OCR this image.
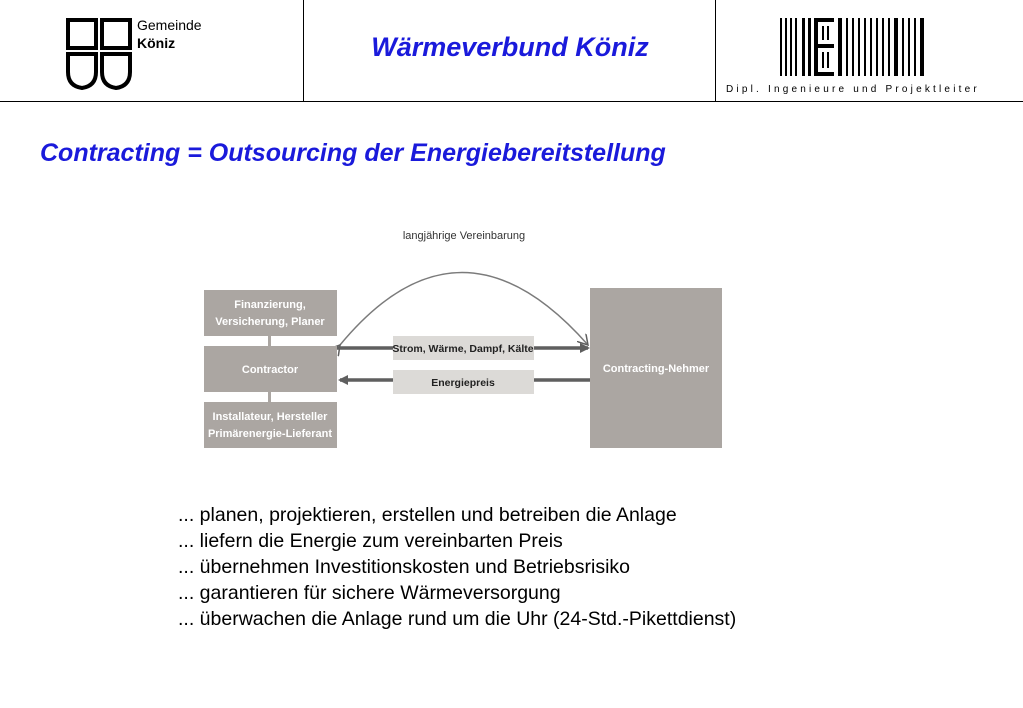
Gemeinde
Köniz	Wärmeverbund Köniz
Dipl. Ingenieure und Projektleiter
Contracting = Outsourcing der Energiebereitstellung
langjährige Vereinbarung
Finanzierung,
Versicherung, Planer
Contractor
Installateur, Hersteller
Primärenergie-Lieferant
Contracting-Nehmer
Strom, Wärme, Dampf, Kälte
Energiepreis
... planen, projektieren, erstellen und betreiben die Anlage
... liefern die Energie zum vereinbarten Preis
... übernehmen Investitionskosten und Betriebsrisiko
... garantieren für sichere Wärmeversorgung
... überwachen die Anlage rund um die Uhr (24-Std.-Pikettdienst)
